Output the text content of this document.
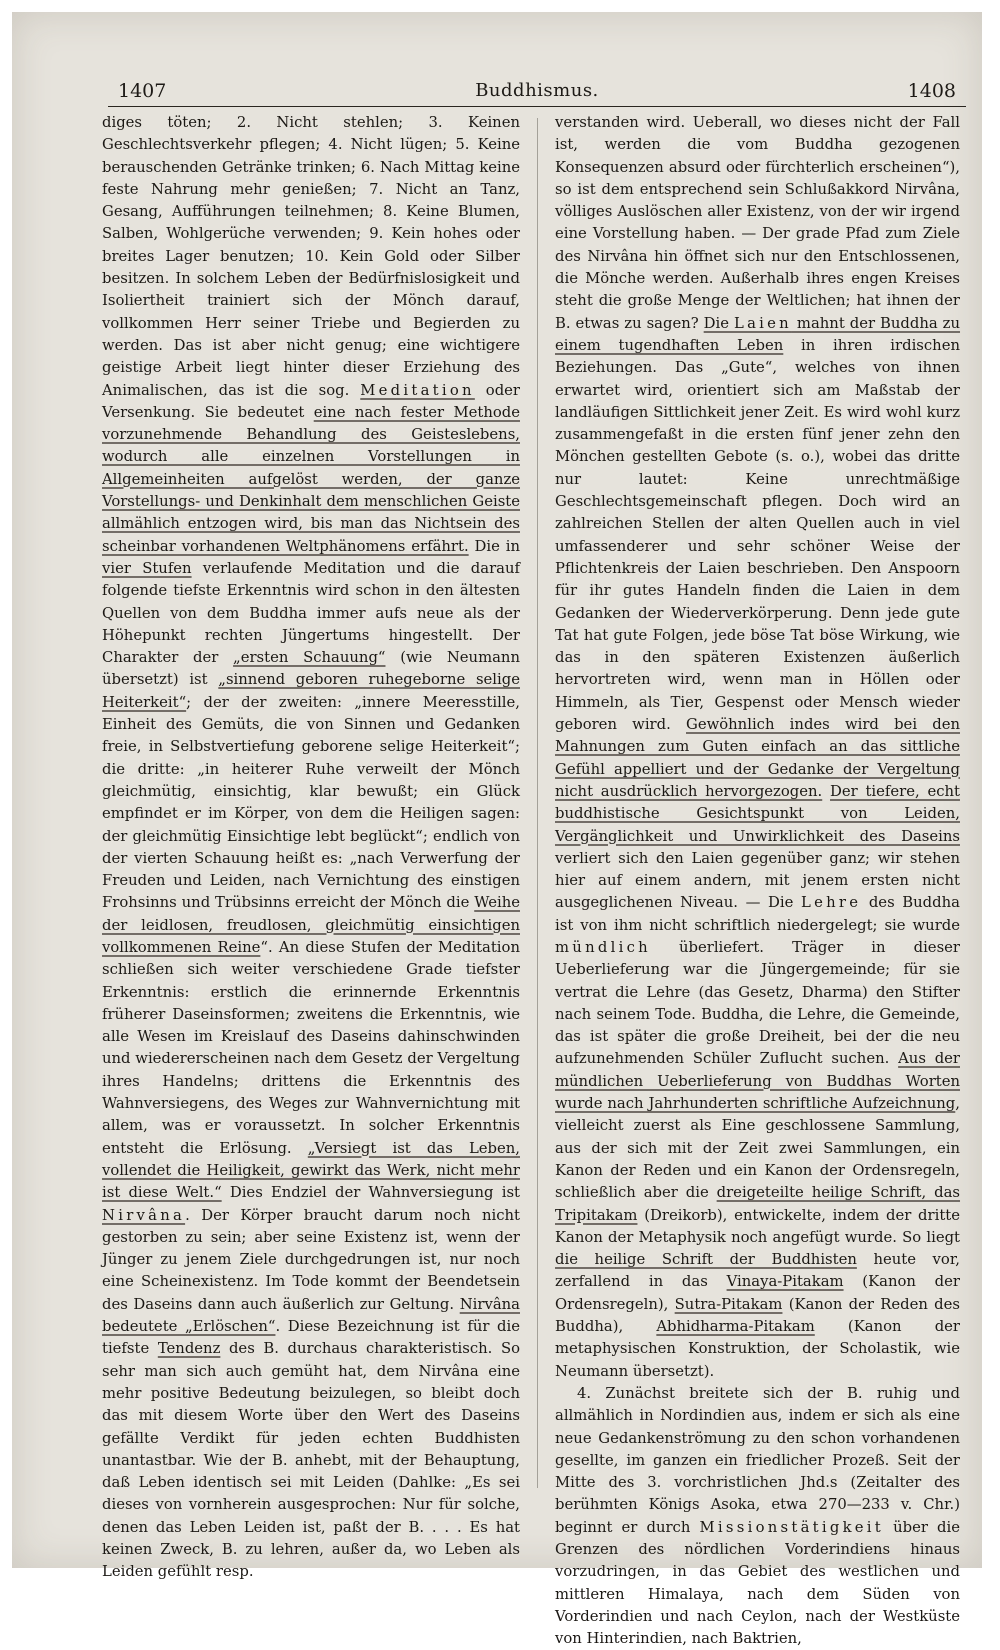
1407	Buddhismus.	1408

diges töten; 2. Nicht stehlen; 3. Keinen Geschlechtsverkehr pflegen; 4. Nicht lügen; 5. Keine berauschenden Getränke trinken; 6. Nach Mittag keine feste Nahrung mehr genießen; 7. Nicht an Tanz, Gesang, Aufführungen teilnehmen; 8. Keine Blumen, Salben, Wohlgerüche verwenden; 9. Kein hohes oder breites Lager benutzen; 10. Kein Gold oder Silber besitzen. In solchem Leben der Bedürfnislosigkeit und Isoliertheit trainiert sich der Mönch darauf, vollkommen Herr seiner Triebe und Begierden zu werden. Das ist aber nicht genug; eine wichtigere geistige Arbeit liegt hinter dieser Erziehung des Animalischen, das ist die sog. Meditation oder Versenkung. Sie bedeutet eine nach fester Methode vorzunehmende Behandlung des Geisteslebens, wodurch alle einzelnen Vorstellungen in Allgemeinheiten aufgelöst werden, der ganze Vorstellungs- und Denkinhalt dem menschlichen Geiste allmählich entzogen wird, bis man das Nichtsein des scheinbar vorhandenen Weltphänomens erfährt. Die in vier Stufen verlaufende Meditation und die darauf folgende tiefste Erkenntnis wird schon in den ältesten Quellen von dem Buddha immer aufs neue als der Höhepunkt rechten Jüngertums hingestellt. Der Charakter der „ersten Schauung“ (wie Neumann übersetzt) ist „sinnend geboren ruhegeborne selige Heiterkeit“; der der zweiten: „innere Meeresstille, Einheit des Gemüts, die von Sinnen und Gedanken freie, in Selbstvertiefung geborene selige Heiterkeit“; die dritte: „in heiterer Ruhe verweilt der Mönch gleichmütig, einsichtig, klar bewußt; ein Glück empfindet er im Körper, von dem die Heiligen sagen: der gleichmütig Einsichtige lebt beglückt“; endlich von der vierten Schauung heißt es: „nach Verwerfung der Freuden und Leiden, nach Vernichtung des einstigen Frohsinns und Trübsinns erreicht der Mönch die Weihe der leidlosen, freudlosen, gleichmütig einsichtigen vollkommenen Reine“. An diese Stufen der Meditation schließen sich weiter verschiedene Grade tiefster Erkenntnis: erstlich die erinnernde Erkenntnis früherer Daseinsformen; zweitens die Erkenntnis, wie alle Wesen im Kreislauf des Daseins dahinschwinden und wiedererscheinen nach dem Gesetz der Vergeltung ihres Handelns; drittens die Erkenntnis des Wahnversiegens, des Weges zur Wahnvernichtung mit allem, was er voraussetzt. In solcher Erkenntnis entsteht die Erlösung. „Versiegt ist das Leben, vollendet die Heiligkeit, gewirkt das Werk, nicht mehr ist diese Welt.“ Dies Endziel der Wahnversiegung ist Nirvâna. Der Körper braucht darum noch nicht gestorben zu sein; aber seine Existenz ist, wenn der Jünger zu jenem Ziele durchgedrungen ist, nur noch eine Scheinexistenz. Im Tode kommt der Beendetsein des Daseins dann auch äußerlich zur Geltung. Nirvâna bedeutete „Erlöschen“. Diese Bezeichnung ist für die tiefste Tendenz des B. durchaus charakteristisch. So sehr man sich auch gemüht hat, dem Nirvâna eine mehr positive Bedeutung beizulegen, so bleibt doch das mit diesem Worte über den Wert des Daseins gefällte Verdikt für jeden echten Buddhisten unantastbar. Wie der B. anhebt, mit der Behauptung, daß Leben identisch sei mit Leiden (Dahlke: „Es sei dieses von vornherein ausgesprochen: Nur für solche, denen das Leben Leiden ist, paßt der B. . . . Es hat keinen Zweck, B. zu lehren, außer da, wo Leben als Leiden gefühlt resp.

verstanden wird. Ueberall, wo dieses nicht der Fall ist, werden die vom Buddha gezogenen Konsequenzen absurd oder fürchterlich erscheinen“), so ist dem entsprechend sein Schlußakkord Nirvâna, völliges Auslöschen aller Existenz, von der wir irgend eine Vorstellung haben. — Der grade Pfad zum Ziele des Nirvâna hin öffnet sich nur den Entschlossenen, die Mönche werden. Außerhalb ihres engen Kreises steht die große Menge der Weltlichen; hat ihnen der B. etwas zu sagen? Die Laien mahnt der Buddha zu einem tugendhaften Leben in ihren irdischen Beziehungen. Das „Gute“, welches von ihnen erwartet wird, orientiert sich am Maßstab der landläufigen Sittlichkeit jener Zeit. Es wird wohl kurz zusammengefaßt in die ersten fünf jener zehn den Mönchen gestellten Gebote (s. o.), wobei das dritte nur lautet: Keine unrechtmäßige Geschlechtsgemeinschaft pflegen. Doch wird an zahlreichen Stellen der alten Quellen auch in viel umfassenderer und sehr schöner Weise der Pflichtenkreis der Laien beschrieben. Den Anspoorn für ihr gutes Handeln finden die Laien in dem Gedanken der Wiederverkörperung. Denn jede gute Tat hat gute Folgen, jede böse Tat böse Wirkung, wie das in den späteren Existenzen äußerlich hervortreten wird, wenn man in Höllen oder Himmeln, als Tier, Gespenst oder Mensch wieder geboren wird. Gewöhnlich indes wird bei den Mahnungen zum Guten einfach an das sittliche Gefühl appelliert und der Gedanke der Vergeltung nicht ausdrücklich hervorgezogen. Der tiefere, echt buddhistische Gesichtspunkt von Leiden, Vergänglichkeit und Unwirklichkeit des Daseins verliert sich den Laien gegenüber ganz; wir stehen hier auf einem andern, mit jenem ersten nicht ausgeglichenen Niveau. — Die Lehre des Buddha ist von ihm nicht schriftlich niedergelegt; sie wurde mündlich überliefert. Träger in dieser Ueberlieferung war die Jüngergemeinde; für sie vertrat die Lehre (das Gesetz, Dharma) den Stifter nach seinem Tode. Buddha, die Lehre, die Gemeinde, das ist später die große Dreiheit, bei der die neu aufzunehmenden Schüler Zuflucht suchen. Aus der mündlichen Ueberlieferung von Buddhas Worten wurde nach Jahrhunderten schriftliche Aufzeichnung, vielleicht zuerst als Eine geschlossene Sammlung, aus der sich mit der Zeit zwei Sammlungen, ein Kanon der Reden und ein Kanon der Ordensregeln, schließlich aber die dreigeteilte heilige Schrift, das Tripitakam (Dreikorb), entwickelte, indem der dritte Kanon der Metaphysik noch angefügt wurde. So liegt die heilige Schrift der Buddhisten heute vor, zerfallend in das Vinaya-Pitakam (Kanon der Ordensregeln), Sutra-Pitakam (Kanon der Reden des Buddha), Abhidharma-Pitakam (Kanon der metaphysischen Konstruktion, der Scholastik, wie Neumann übersetzt).

4. Zunächst breitete sich der B. ruhig und allmählich in Nordindien aus, indem er sich als eine neue Gedankenströmung zu den schon vorhandenen gesellte, im ganzen ein friedlicher Prozeß. Seit der Mitte des 3. vorchristlichen Jhd.s (Zeitalter des berühmten Königs Asoka, etwa 270—233 v. Chr.) beginnt er durch Missionstätigkeit über die Grenzen des nördlichen Vorderindiens hinaus vorzudringen, in das Gebiet des westlichen und mittleren Himalaya, nach dem Süden von Vorderindien und nach Ceylon, nach der Westküste von Hinterindien, nach Baktrien,
